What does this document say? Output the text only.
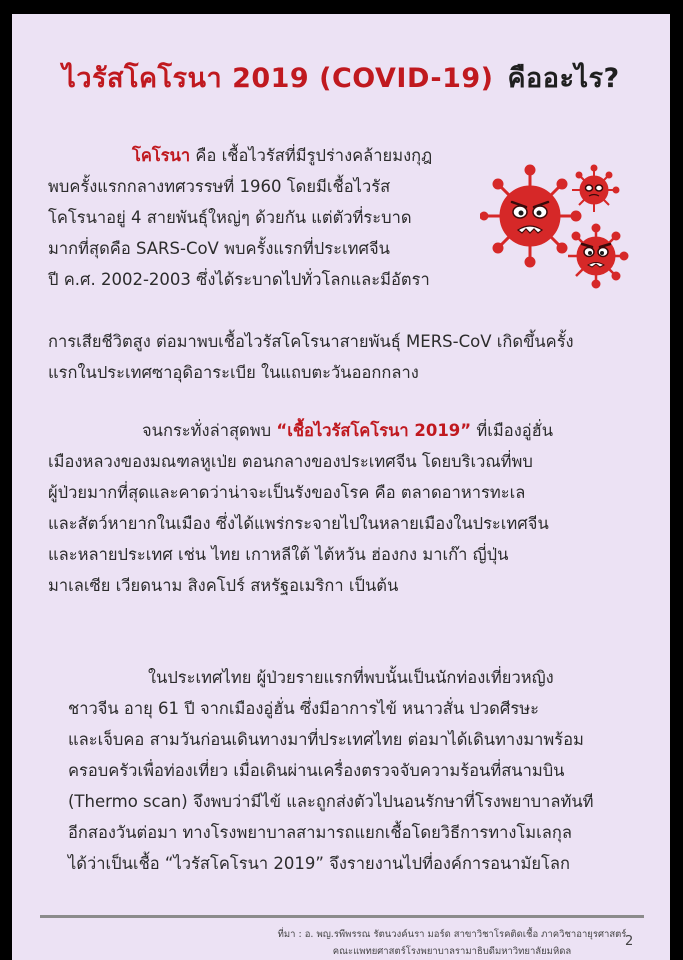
ไวรัสโคโรนา 2019 (COVID-19) คืออะไร?
โคโรนา คือ เชื้อไวรัสที่มีรูปร่างคล้ายมงกุฎ
พบครั้งแรกกลางทศวรรษที่ 1960 โดยมีเชื้อไวรัส
โคโรนาอยู่ 4 สายพันธุ์ใหญ่ๆ ด้วยกัน แต่ตัวที่ระบาด
มากที่สุดคือ SARS-CoV พบครั้งแรกที่ประเทศจีน
ปี ค.ศ. 2002-2003 ซึ่งได้ระบาดไปทั่วโลกและมีอัตรา
การเสียชีวิตสูง ต่อมาพบเชื้อไวรัสโคโรนาสายพันธุ์ MERS-CoV เกิดขึ้นครั้ง
แรกในประเทศซาอุดิอาระเบีย ในแถบตะวันออกกลาง
จนกระทั่งล่าสุดพบ “เชื้อไวรัสโคโรนา 2019” ที่เมืองอู่ฮั่น
เมืองหลวงของมณฑลหูเป่ย ตอนกลางของประเทศจีน โดยบริเวณที่พบ
ผู้ป่วยมากที่สุดและคาดว่าน่าจะเป็นรังของโรค คือ ตลาดอาหารทะเล
และสัตว์หายากในเมือง ซึ่งได้แพร่กระจายไปในหลายเมืองในประเทศจีน
และหลายประเทศ เช่น ไทย เกาหลีใต้ ไต้หวัน ฮ่องกง มาเก๊า ญี่ปุ่น
มาเลเซีย เวียดนาม สิงคโปร์ สหรัฐอเมริกา เป็นต้น
ในประเทศไทย ผู้ป่วยรายแรกที่พบนั้นเป็นนักท่องเที่ยวหญิง
ชาวจีน อายุ 61 ปี จากเมืองอู่ฮั่น ซึ่งมีอาการไข้ หนาวสั่น ปวดศีรษะ
และเจ็บคอ สามวันก่อนเดินทางมาที่ประเทศไทย ต่อมาได้เดินทางมาพร้อม
ครอบครัวเพื่อท่องเที่ยว เมื่อเดินผ่านเครื่องตรวจจับความร้อนที่สนามบิน
(Thermo scan) จึงพบว่ามีไข้ และถูกส่งตัวไปนอนรักษาที่โรงพยาบาลทันที
อีกสองวันต่อมา ทางโรงพยาบาลสามารถแยกเชื้อโดยวิธีการทางโมเลกุล
ได้ว่าเป็นเชื้อ “ไวรัสโคโรนา 2019” จึงรายงานไปที่องค์การอนามัยโลก
ที่มา : อ. พญ.รพีพรรณ รัตนวงค์นรา มอร์ด สาขาวิชาโรคติดเชื้อ ภาควิชาอายุรศาสตร์
คณะแพทยศาสตร์โรงพยาบาลรามาธิบดีมหาวิทยาลัยมหิดล
2
